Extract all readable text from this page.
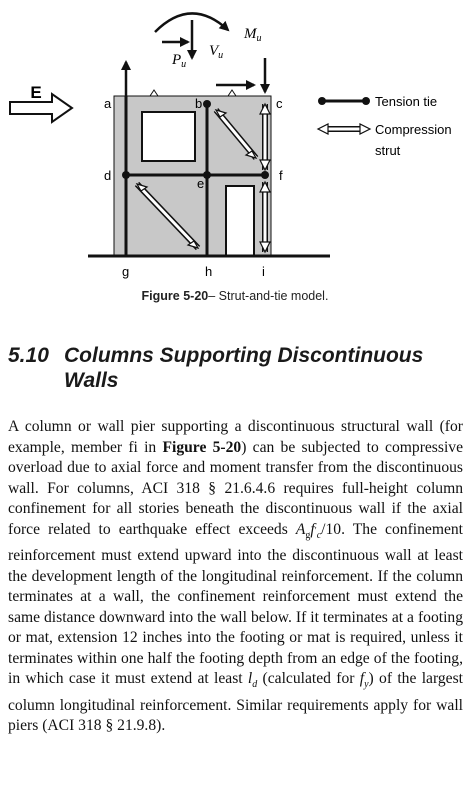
E
$M_u$
$P_u$
$V_u$
a	b	c
d
e
f
g	h	i
Tension tie
Compression
strut
Figure 5-20– Strut-and-tie model.
5.10 Columns Supporting Discontinuous
Walls
A column or wall pier supporting a discontinuous structural wall (for example, member fi in Figure 5-20) can be subjected to compressive overload due to axial force and moment transfer from the discontinuous wall. For columns, ACI 318 § 21.6.4.6 requires full-height column confinement for all stories beneath the discontinuous wall if the axial force related to earthquake effect exceeds $A_gf_{'c}/10$. The confinement reinforcement must extend upward into the discontinuous wall at least the development length of the longitudinal reinforcement. If the column terminates at a wall, the confinement reinforcement must extend the same distance downward into the wall below. If it terminates at a footing or mat, extension 12 inches into the footing or mat is required, unless it terminates within one half the footing depth from an edge of the footing, in which case it must extend at least $l_d$ (calculated for $f_y$) of the largest column longitudinal reinforcement. Similar requirements apply for wall piers (ACI 318 § 21.9.8).
